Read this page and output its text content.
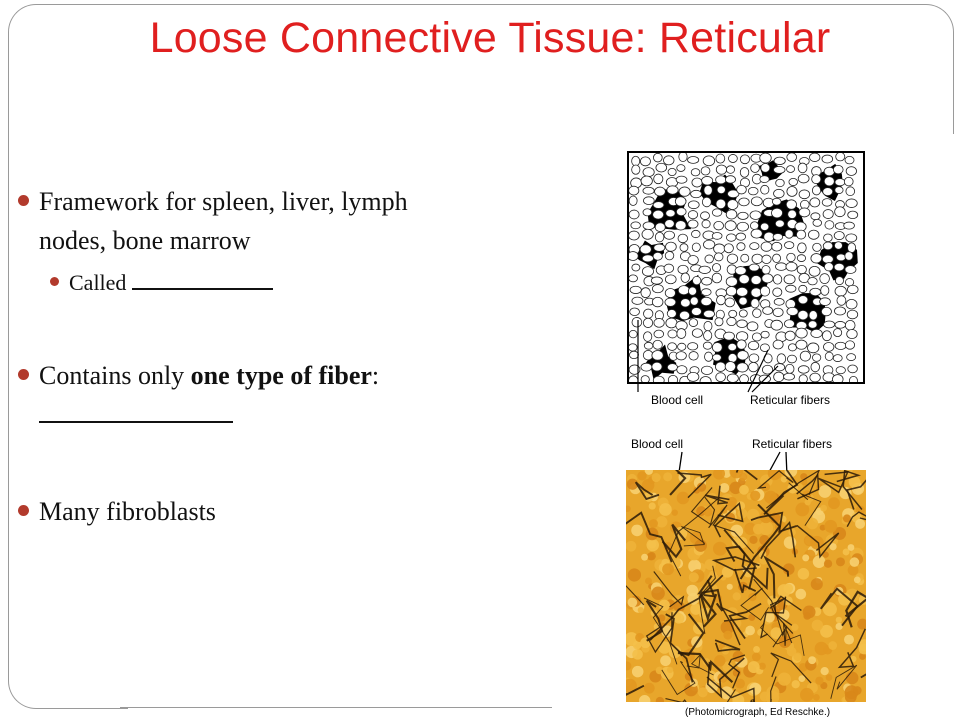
Loose Connective Tissue: Reticular
Framework for spleen, liver, lymph
nodes, bone marrow
Called
Contains only one type of fiber:

Many fibroblasts
Blood cell	Reticular fibers
Blood cell	Reticular fibers
(Photomicrograph, Ed Reschke.)
